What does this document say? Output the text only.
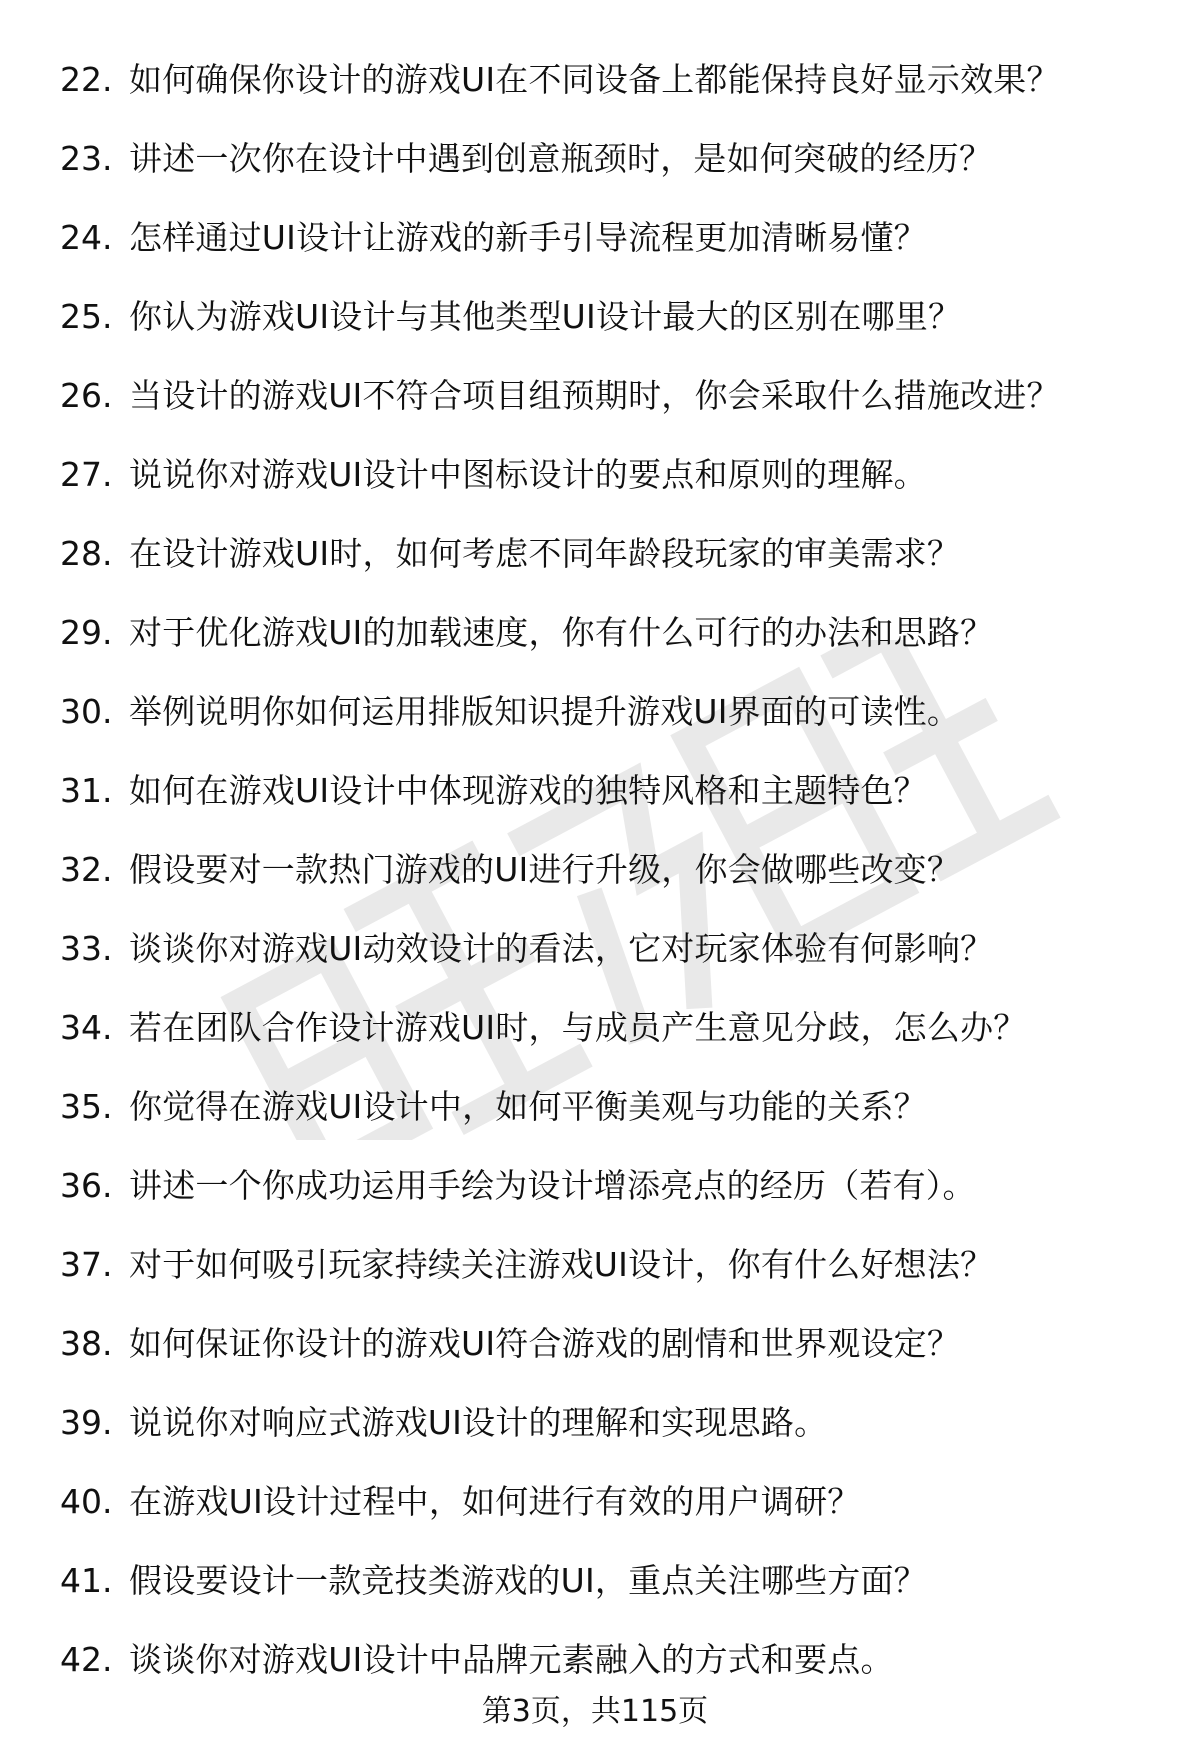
22. 如何确保你设计的游戏UI在不同设备上都能保持良好显示效果？
23. 讲述一次你在设计中遇到创意瓶颈时，是如何突破的经历？
24. 怎样通过UI设计让游戏的新手引导流程更加清晰易懂？
25. 你认为游戏UI设计与其他类型UI设计最大的区别在哪里？
26. 当设计的游戏UI不符合项目组预期时，你会采取什么措施改进？
27. 说说你对游戏UI设计中图标设计的要点和原则的理解。
28. 在设计游戏UI时，如何考虑不同年龄段玩家的审美需求？
29. 对于优化游戏UI的加载速度，你有什么可行的办法和思路？
30. 举例说明你如何运用排版知识提升游戏UI界面的可读性。
31. 如何在游戏UI设计中体现游戏的独特风格和主题特色？
32. 假设要对一款热门游戏的UI进行升级，你会做哪些改变？
33. 谈谈你对游戏UI动效设计的看法，它对玩家体验有何影响？
34. 若在团队合作设计游戏UI时，与成员产生意见分歧，怎么办？
35. 你觉得在游戏UI设计中，如何平衡美观与功能的关系？
36. 讲述一个你成功运用手绘为设计增添亮点的经历（若有）。
37. 对于如何吸引玩家持续关注游戏UI设计，你有什么好想法？
38. 如何保证你设计的游戏UI符合游戏的剧情和世界观设定？
39. 说说你对响应式游戏UI设计的理解和实现思路。
40. 在游戏UI设计过程中，如何进行有效的用户调研？
41. 假设要设计一款竞技类游戏的UI，重点关注哪些方面？
42. 谈谈你对游戏UI设计中品牌元素融入的方式和要点。
第3页，共115页
